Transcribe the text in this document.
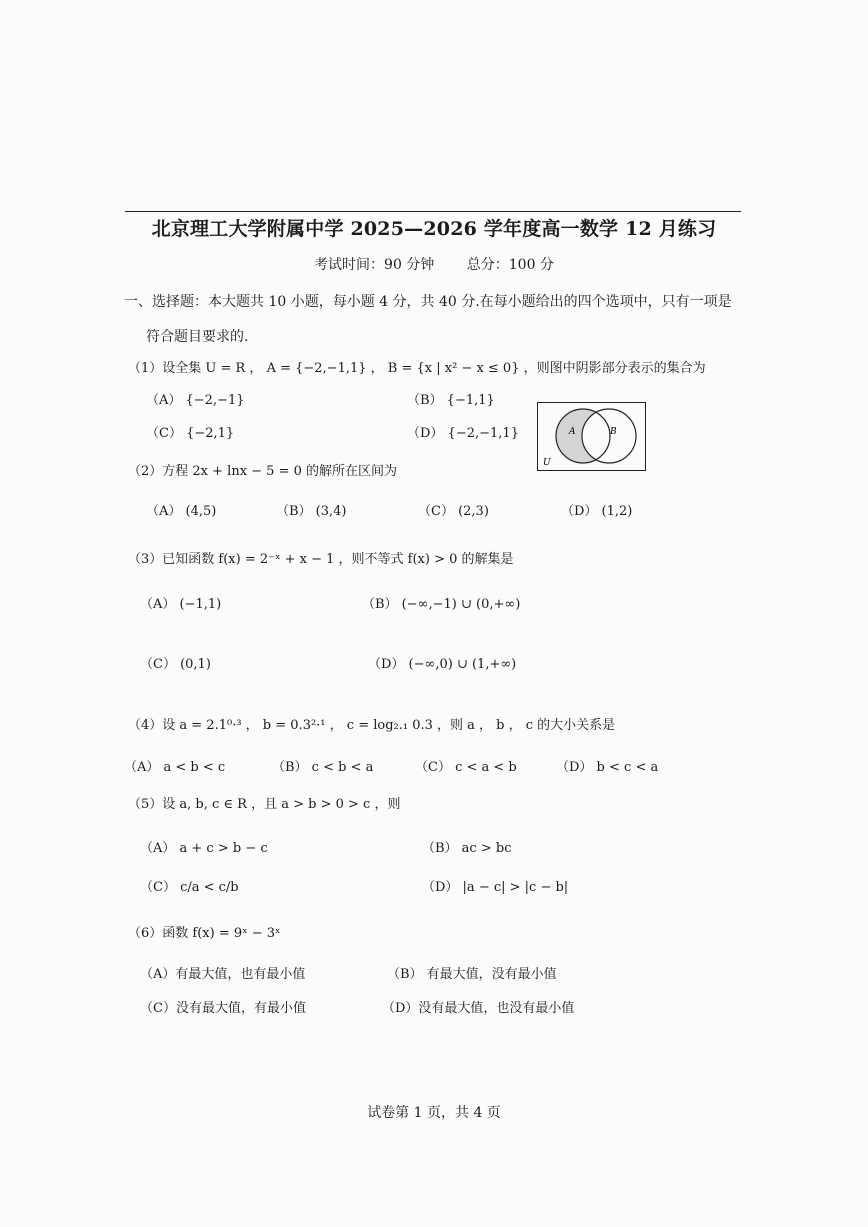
北京理工大学附属中学 2025—2026 学年度高一数学 12 月练习
考试时间：90 分钟 总分：100 分
一、选择题：本大题共 10 小题，每小题 4 分，共 40 分.在每小题给出的四个选项中，只有一项是
符合题目要求的.
（1）设全集 U = R ， A = {−2,−1,1} ， B = {x | x² − x ≤ 0} ，则图中阴影部分表示的集合为
（A） {−2,−1}	（B） {−1,1}
（C） {−2,1}	（D） {−2,−1,1}	A	B
U
（2）方程 2x + lnx − 5 = 0 的解所在区间为
（A） (4,5)	（B） (3,4)	（C） (2,3)	（D） (1,2)
（3）已知函数 f(x) = 2⁻ˣ + x − 1 ，则不等式 f(x) > 0 的解集是
（A） (−1,1)	（B） (−∞,−1) ∪ (0,+∞)
（C） (0,1)	（D） (−∞,0) ∪ (1,+∞)
（4）设 a = 2.1⁰·³ ， b = 0.3²·¹ ， c = log₂.₁ 0.3 ，则 a ， b ， c 的大小关系是
（A） a < b < c	（B） c < b < a	（C） c < a < b	（D） b < c < a
（5）设 a, b, c ∈ R ，且 a > b > 0 > c ，则
（A） a + c > b − c	（B） ac > bc
（C） c/a < c/b	（D） |a − c| > |c − b|
（6）函数 f(x) = 9ˣ − 3ˣ
（A）有最大值，也有最小值	（B） 有最大值，没有最小值
（C）没有最大值，有最小值	（D）没有最大值，也没有最小值
试卷第 1 页，共 4 页
